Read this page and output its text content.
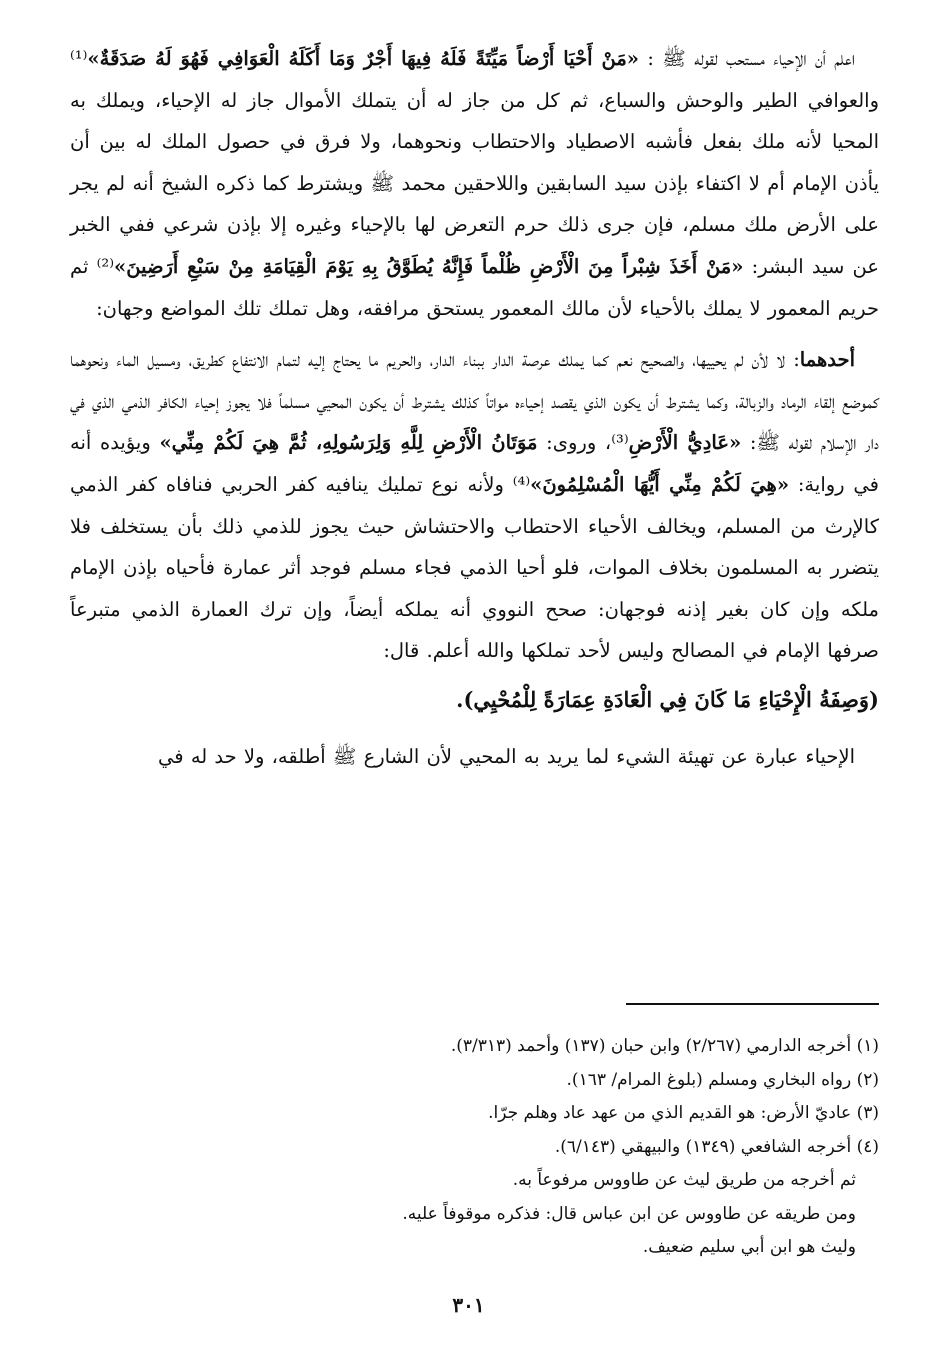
اعلم أن الإحياء مستحب لقوله ﷺ : «مَنْ أَحْيَا أَرْضاً مَيِّتَةً فَلَهُ فِيهَا أَجْرٌ وَمَا أَكَلَهُ الْعَوَافِي فَهُوَ لَهُ صَدَقَةٌ»⁽¹⁾ والعوافي الطير والوحش والسباع، ثم كل من جاز له أن يتملك الأموال جاز له الإحياء، ويملك به المحيا لأنه ملك بفعل فأشبه الاصطياد والاحتطاب ونحوهما، ولا فرق في حصول الملك له بين أن يأذن الإمام أم لا اكتفاء بإذن سيد السابقين واللاحقين محمد ﷺ ويشترط كما ذكره الشيخ أنه لم يجر على الأرض ملك مسلم، فإن جرى ذلك حرم التعرض لها بالإحياء وغيره إلا بإذن شرعي ففي الخبر عن سيد البشر: «مَنْ أَخَذَ شِبْراً مِنَ الْأَرْضِ ظُلْماً فَإِنَّهُ يُطَوَّقُ بِهِ يَوْمَ الْقِيَامَةِ مِنْ سَبْعِ أَرَضِينَ»⁽²⁾ ثم حريم المعمور لا يملك بالأحياء لأن مالك المعمور يستحق مرافقه، وهل تملك تلك المواضع وجهان:

أحدهما: لا لأن لم يحييها، والصحيح نعم كما يملك عرصة الدار ببناء الدار، والحريم ما يحتاج إليه لتمام الانتفاع كطريق، ومسيل الماء ونحوهما كموضع إلقاء الرماد والزبالة، وكما يشترط أن يكون الذي يقصد إحياءه مواتاً كذلك يشترط أن يكون المحيي مسلماً فلا يجوز إحياء الكافر الذمي الذي في دار الإسلام لقوله ﷺ: «عَادِيُّ الْأَرْضِ⁽³⁾، وروى: مَوَتَانُ الْأَرْضِ لِلَّهِ وَلِرَسُولِهِ، ثُمَّ هِيَ لَكُمْ مِنِّي» ويؤيده أنه في رواية: «هِيَ لَكُمْ مِنِّي أَيُّهَا الْمُسْلِمُونَ»⁽⁴⁾ ولأنه نوع تمليك ينافيه كفر الحربي فنافاه كفر الذمي كالإرث من المسلم، ويخالف الأحياء الاحتطاب والاحتشاش حيث يجوز للذمي ذلك بأن يستخلف فلا يتضرر به المسلمون بخلاف الموات، فلو أحيا الذمي فجاء مسلم فوجد أثر عمارة فأحياه بإذن الإمام ملكه وإن كان بغير إذنه فوجهان: صحح النووي أنه يملكه أيضاً، وإن ترك العمارة الذمي متبرعاً صرفها الإمام في المصالح وليس لأحد تملكها والله أعلم. قال:

(وَصِفَةُ الْإِحْيَاءِ مَا كَانَ فِي الْعَادَةِ عِمَارَةً لِلْمُحْيِي).

الإحياء عبارة عن تهيئة الشيء لما يريد به المحيي لأن الشارع ﷺ أطلقه، ولا حد له في

(١) أخرجه الدارمي (٢/٢٦٧) وابن حبان (١٣٧) وأحمد (٣/٣١٣).

(٢) رواه البخاري ومسلم (بلوغ المرام/ ١٦٣).

(٣) عاديّ الأرض: هو القديم الذي من عهد عاد وهلم جرّا.

(٤) أخرجه الشافعي (١٣٤٩) والبيهقي (٦/١٤٣).

ثم أخرجه من طريق ليث عن طاووس مرفوعاً به.

ومن طريقه عن طاووس عن ابن عباس قال: فذكره موقوفاً عليه.

وليث هو ابن أبي سليم ضعيف.

٣٠١
